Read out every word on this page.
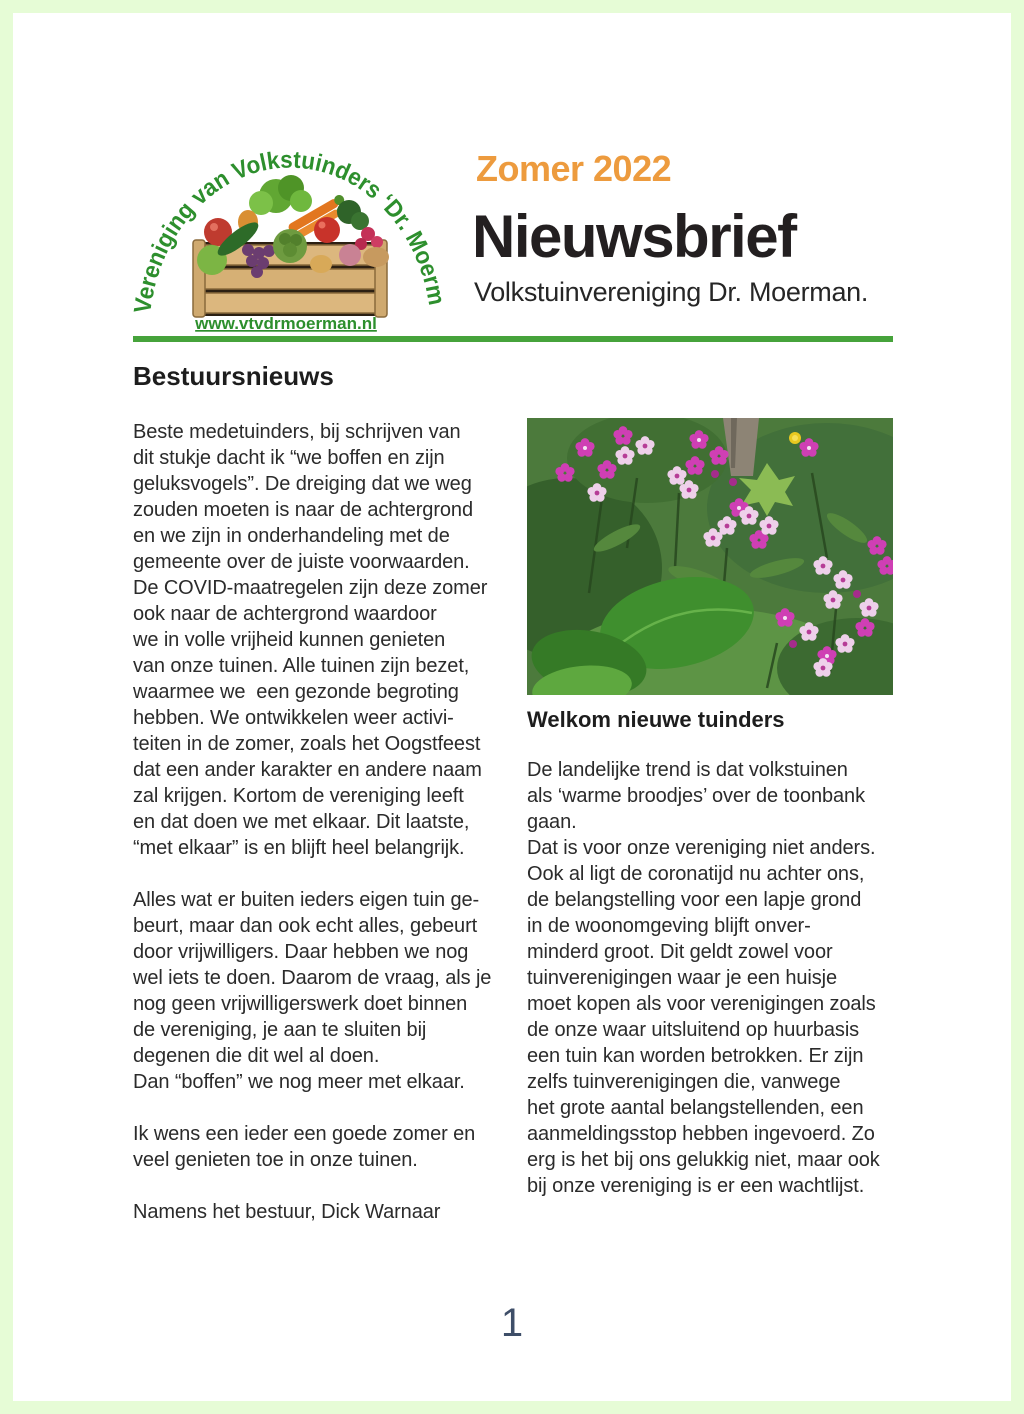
Vereniging van Volkstuinders ‘Dr. Moe
www.vtvdrmoerman.nl
Zomer 2022
Nieuwsbrief
Volkstuinvereniging Dr. Moerman.
Bestuursnieuws

Beste medetuinders, bij schrijven van
dit stukje dacht ik “we boffen en zijn
geluksvogels”. De dreiging dat we weg
zouden moeten is naar de achtergrond
en we zijn in onderhandeling met de
gemeente over de juiste voorwaarden.
De COVID-maatregelen zijn deze zomer
ook naar de achtergrond waardoor
we in volle vrijheid kunnen genieten
van onze tuinen. Alle tuinen zijn bezet,
waarmee we  een gezonde begroting
hebben. We ontwikkelen weer activi-
teiten in de zomer, zoals het Oogstfeest
dat een ander karakter en andere naam
zal krijgen. Kortom de vereniging leeft
en dat doen we met elkaar. Dit laatste,
“met elkaar” is en blijft heel belangrijk.

Alles wat er buiten ieders eigen tuin ge-
beurt, maar dan ook echt alles, gebeurt
door vrijwilligers. Daar hebben we nog
wel iets te doen. Daarom de vraag, als je
nog geen vrijwilligerswerk doet binnen
de vereniging, je aan te sluiten bij
degenen die dit wel al doen.
Dan “boffen” we nog meer met elkaar.

Ik wens een ieder een goede zomer en
veel genieten toe in onze tuinen.

Namens het bestuur, Dick Warnaar

Welkom nieuwe tuinders

De landelijke trend is dat volkstuinen
als ‘warme broodjes’ over de toonbank
gaan.
Dat is voor onze vereniging niet anders.
Ook al ligt de coronatijd nu achter ons,
de belangstelling voor een lapje grond
in de woonomgeving blijft onver-
minderd groot. Dit geldt zowel voor
tuinverenigingen waar je een huisje
moet kopen als voor verenigingen zoals
de onze waar uitsluitend op huurbasis
een tuin kan worden betrokken. Er zijn
zelfs tuinverenigingen die, vanwege
het grote aantal belangstellenden, een
aanmeldingsstop hebben ingevoerd. Zo
erg is het bij ons gelukkig niet, maar ook
bij onze vereniging is er een wachtlijst.

1
